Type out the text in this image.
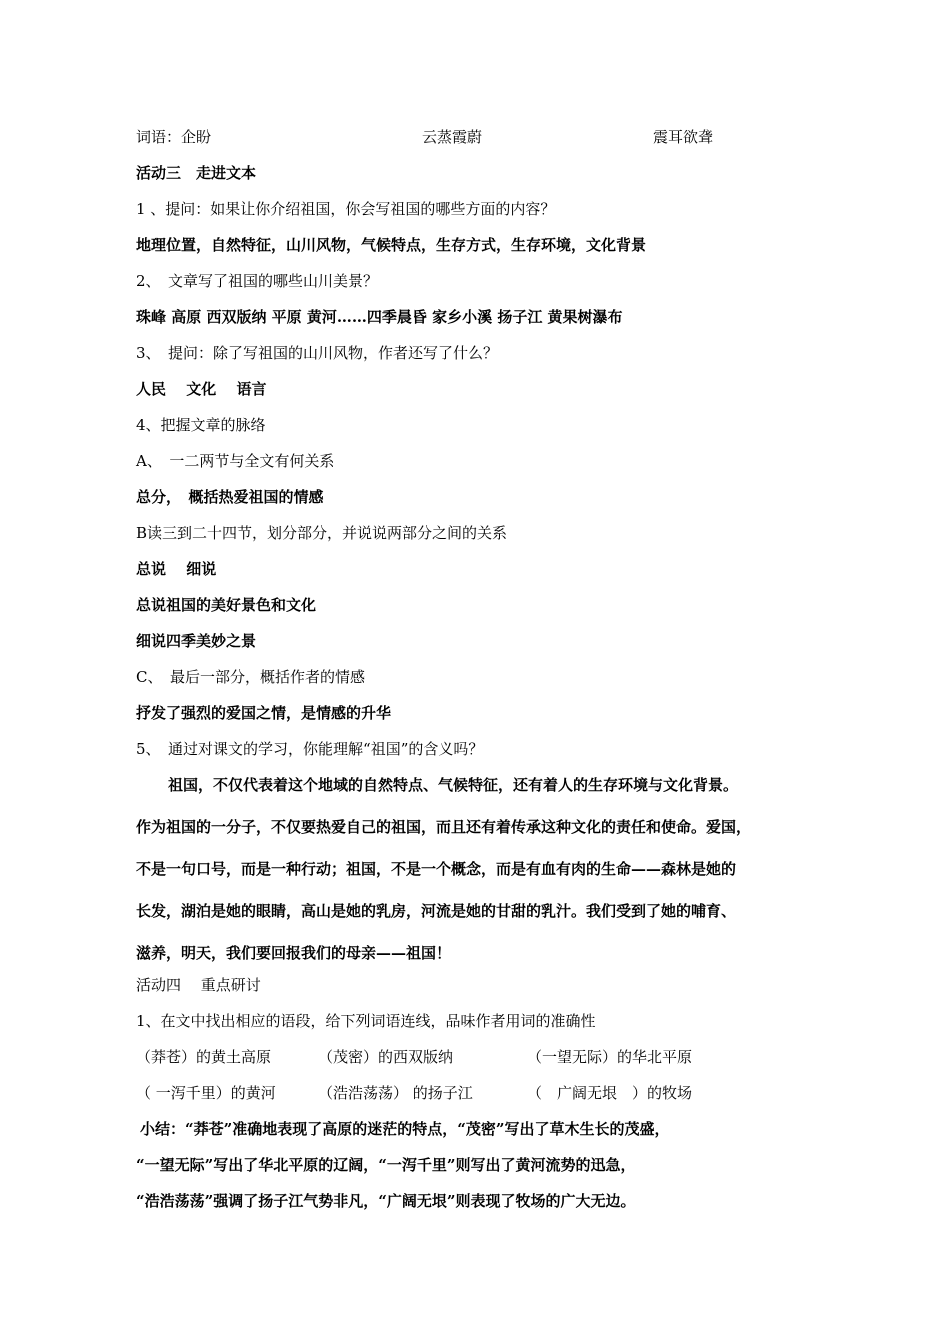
词语：企盼	云蒸霞蔚	震耳欲聋
活动三　走进文本
1 、提问：如果让你介绍祖国，你会写祖国的哪些方面的内容？
地理位置，自然特征，山川风物，气候特点，生存方式，生存环境，文化背景
2、　文章写了祖国的哪些山川美景？
珠峰 高原 西双版纳 平原 黄河……四季晨昏 家乡小溪 扬子江 黄果树瀑布
3、　提问：除了写祖国的山川风物，作者还写了什么？
人民　 文化　 语言
4、把握文章的脉络
A、　一二两节与全文有何关系
总分，　概括热爱祖国的情感
B读三到二十四节，划分部分，并说说两部分之间的关系
总说　 细说
总说祖国的美好景色和文化
细说四季美妙之景
C、　最后一部分，概括作者的情感
抒发了强烈的爱国之情，是情感的升华
5、　通过对课文的学习，你能理解“祖国”的含义吗？
祖国，不仅代表着这个地域的自然特点、气候特征，还有着人的生存环境与文化背景。
作为祖国的一分子，不仅要热爱自己的祖国，而且还有着传承这种文化的责任和使命。爱国，
不是一句口号，而是一种行动；祖国，不是一个概念，而是有血有肉的生命——森林是她的
长发，湖泊是她的眼睛，高山是她的乳房，河流是她的甘甜的乳汁。我们受到了她的哺育、
滋养，明天，我们要回报我们的母亲——祖国！
活动四　 重点研讨
1、在文中找出相应的语段，给下列词语连线，品味作者用词的准确性
（莽苍）的黄土高原	（茂密）的西双版纳	（一望无际）的华北平原
（ 一泻千里）的黄河	（浩浩荡荡） 的扬子江	（　广阔无垠　）的牧场
小结：“莽苍”准确地表现了高原的迷茫的特点，“茂密”写出了草木生长的茂盛，
“一望无际”写出了华北平原的辽阔，“一泻千里”则写出了黄河流势的迅急，
“浩浩荡荡”强调了扬子江气势非凡，“广阔无垠”则表现了牧场的广大无边。
